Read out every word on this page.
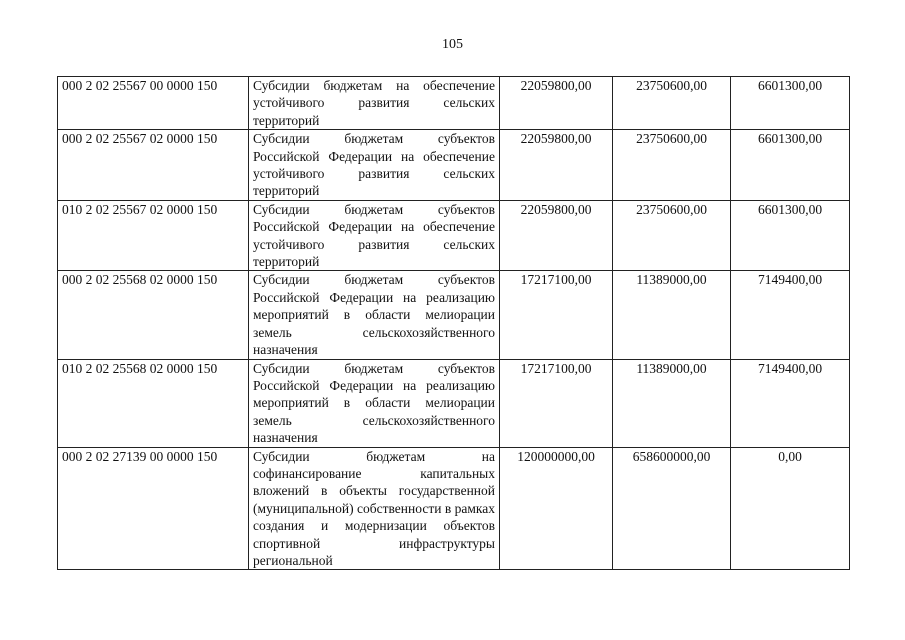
105
000 2 02 25567 00 0000 150	Субсидии бюджетам на обеспечение устойчивого развития сельских территорий	22059800,00	23750600,00	6601300,00
000 2 02 25567 02 0000 150	Субсидии бюджетам субъектов Российской Федерации на обеспечение устойчивого развития сельских территорий	22059800,00	23750600,00	6601300,00
010 2 02 25567 02 0000 150	Субсидии бюджетам субъектов Российской Федерации на обеспечение устойчивого развития сельских территорий	22059800,00	23750600,00	6601300,00
000 2 02 25568 02 0000 150	Субсидии бюджетам субъектов Российской Федерации на реализацию мероприятий в области мелиорации земель сельскохозяйственного назначения	17217100,00	11389000,00	7149400,00
010 2 02 25568 02 0000 150	Субсидии бюджетам субъектов Российской Федерации на реализацию мероприятий в области мелиорации земель сельскохозяйственного назначения	17217100,00	11389000,00	7149400,00
000 2 02 27139 00 0000 150	Субсидии бюджетам на софинансирование капитальных вложений в объекты государственной (муниципальной) собственности в рамках создания и модернизации объектов спортивной инфраструктуры региональной	120000000,00	658600000,00	0,00
